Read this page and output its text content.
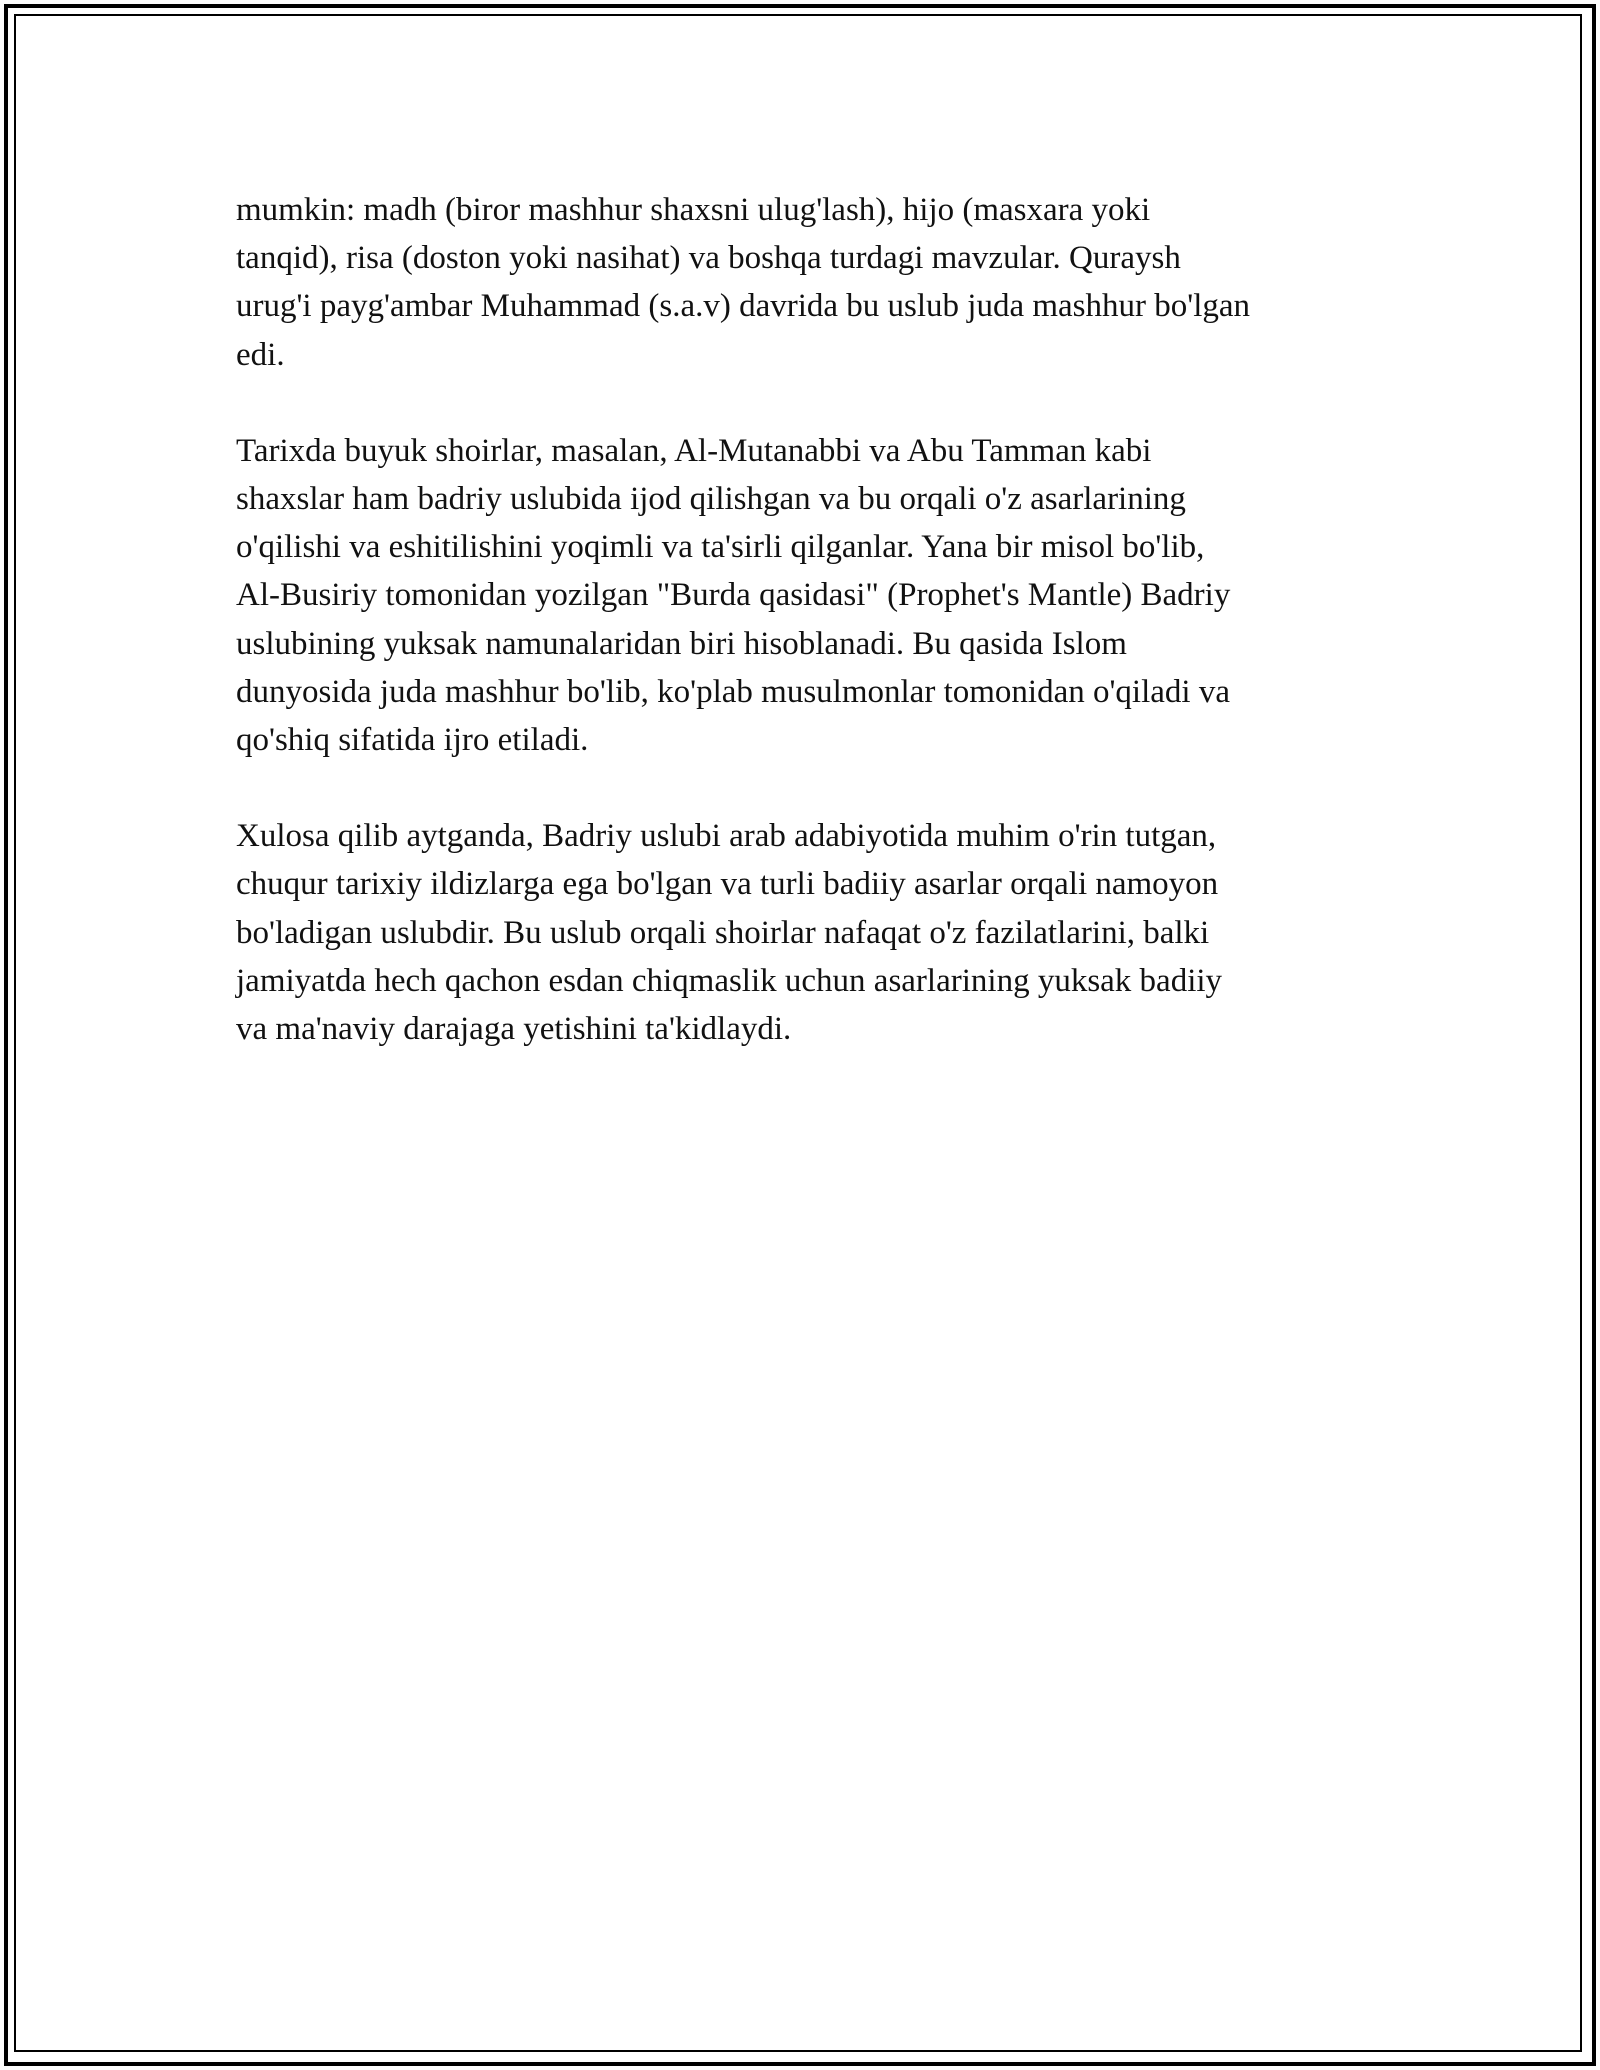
mumkin: madh (biror mashhur shaxsni ulug'lash), hijo (masxara yoki
tanqid), risa (doston yoki nasihat) va boshqa turdagi mavzular. Quraysh
urug'i payg'ambar Muhammad (s.a.v) davrida bu uslub juda mashhur bo'lgan
edi.

Tarixda buyuk shoirlar, masalan, Al-Mutanabbi va Abu Tamman kabi
shaxslar ham badriy uslubida ijod qilishgan va bu orqali o'z asarlarining
o'qilishi va eshitilishini yoqimli va ta'sirli qilganlar. Yana bir misol bo'lib,
Al-Busiriy tomonidan yozilgan "Burda qasidasi" (Prophet's Mantle) Badriy
uslubining yuksak namunalaridan biri hisoblanadi. Bu qasida Islom
dunyosida juda mashhur bo'lib, ko'plab musulmonlar tomonidan o'qiladi va
qo'shiq sifatida ijro etiladi.

Xulosa qilib aytganda, Badriy uslubi arab adabiyotida muhim o'rin tutgan,
chuqur tarixiy ildizlarga ega bo'lgan va turli badiiy asarlar orqali namoyon
bo'ladigan uslubdir. Bu uslub orqali shoirlar nafaqat o'z fazilatlarini, balki
jamiyatda hech qachon esdan chiqmaslik uchun asarlarining yuksak badiiy
va ma'naviy darajaga yetishini ta'kidlaydi.
